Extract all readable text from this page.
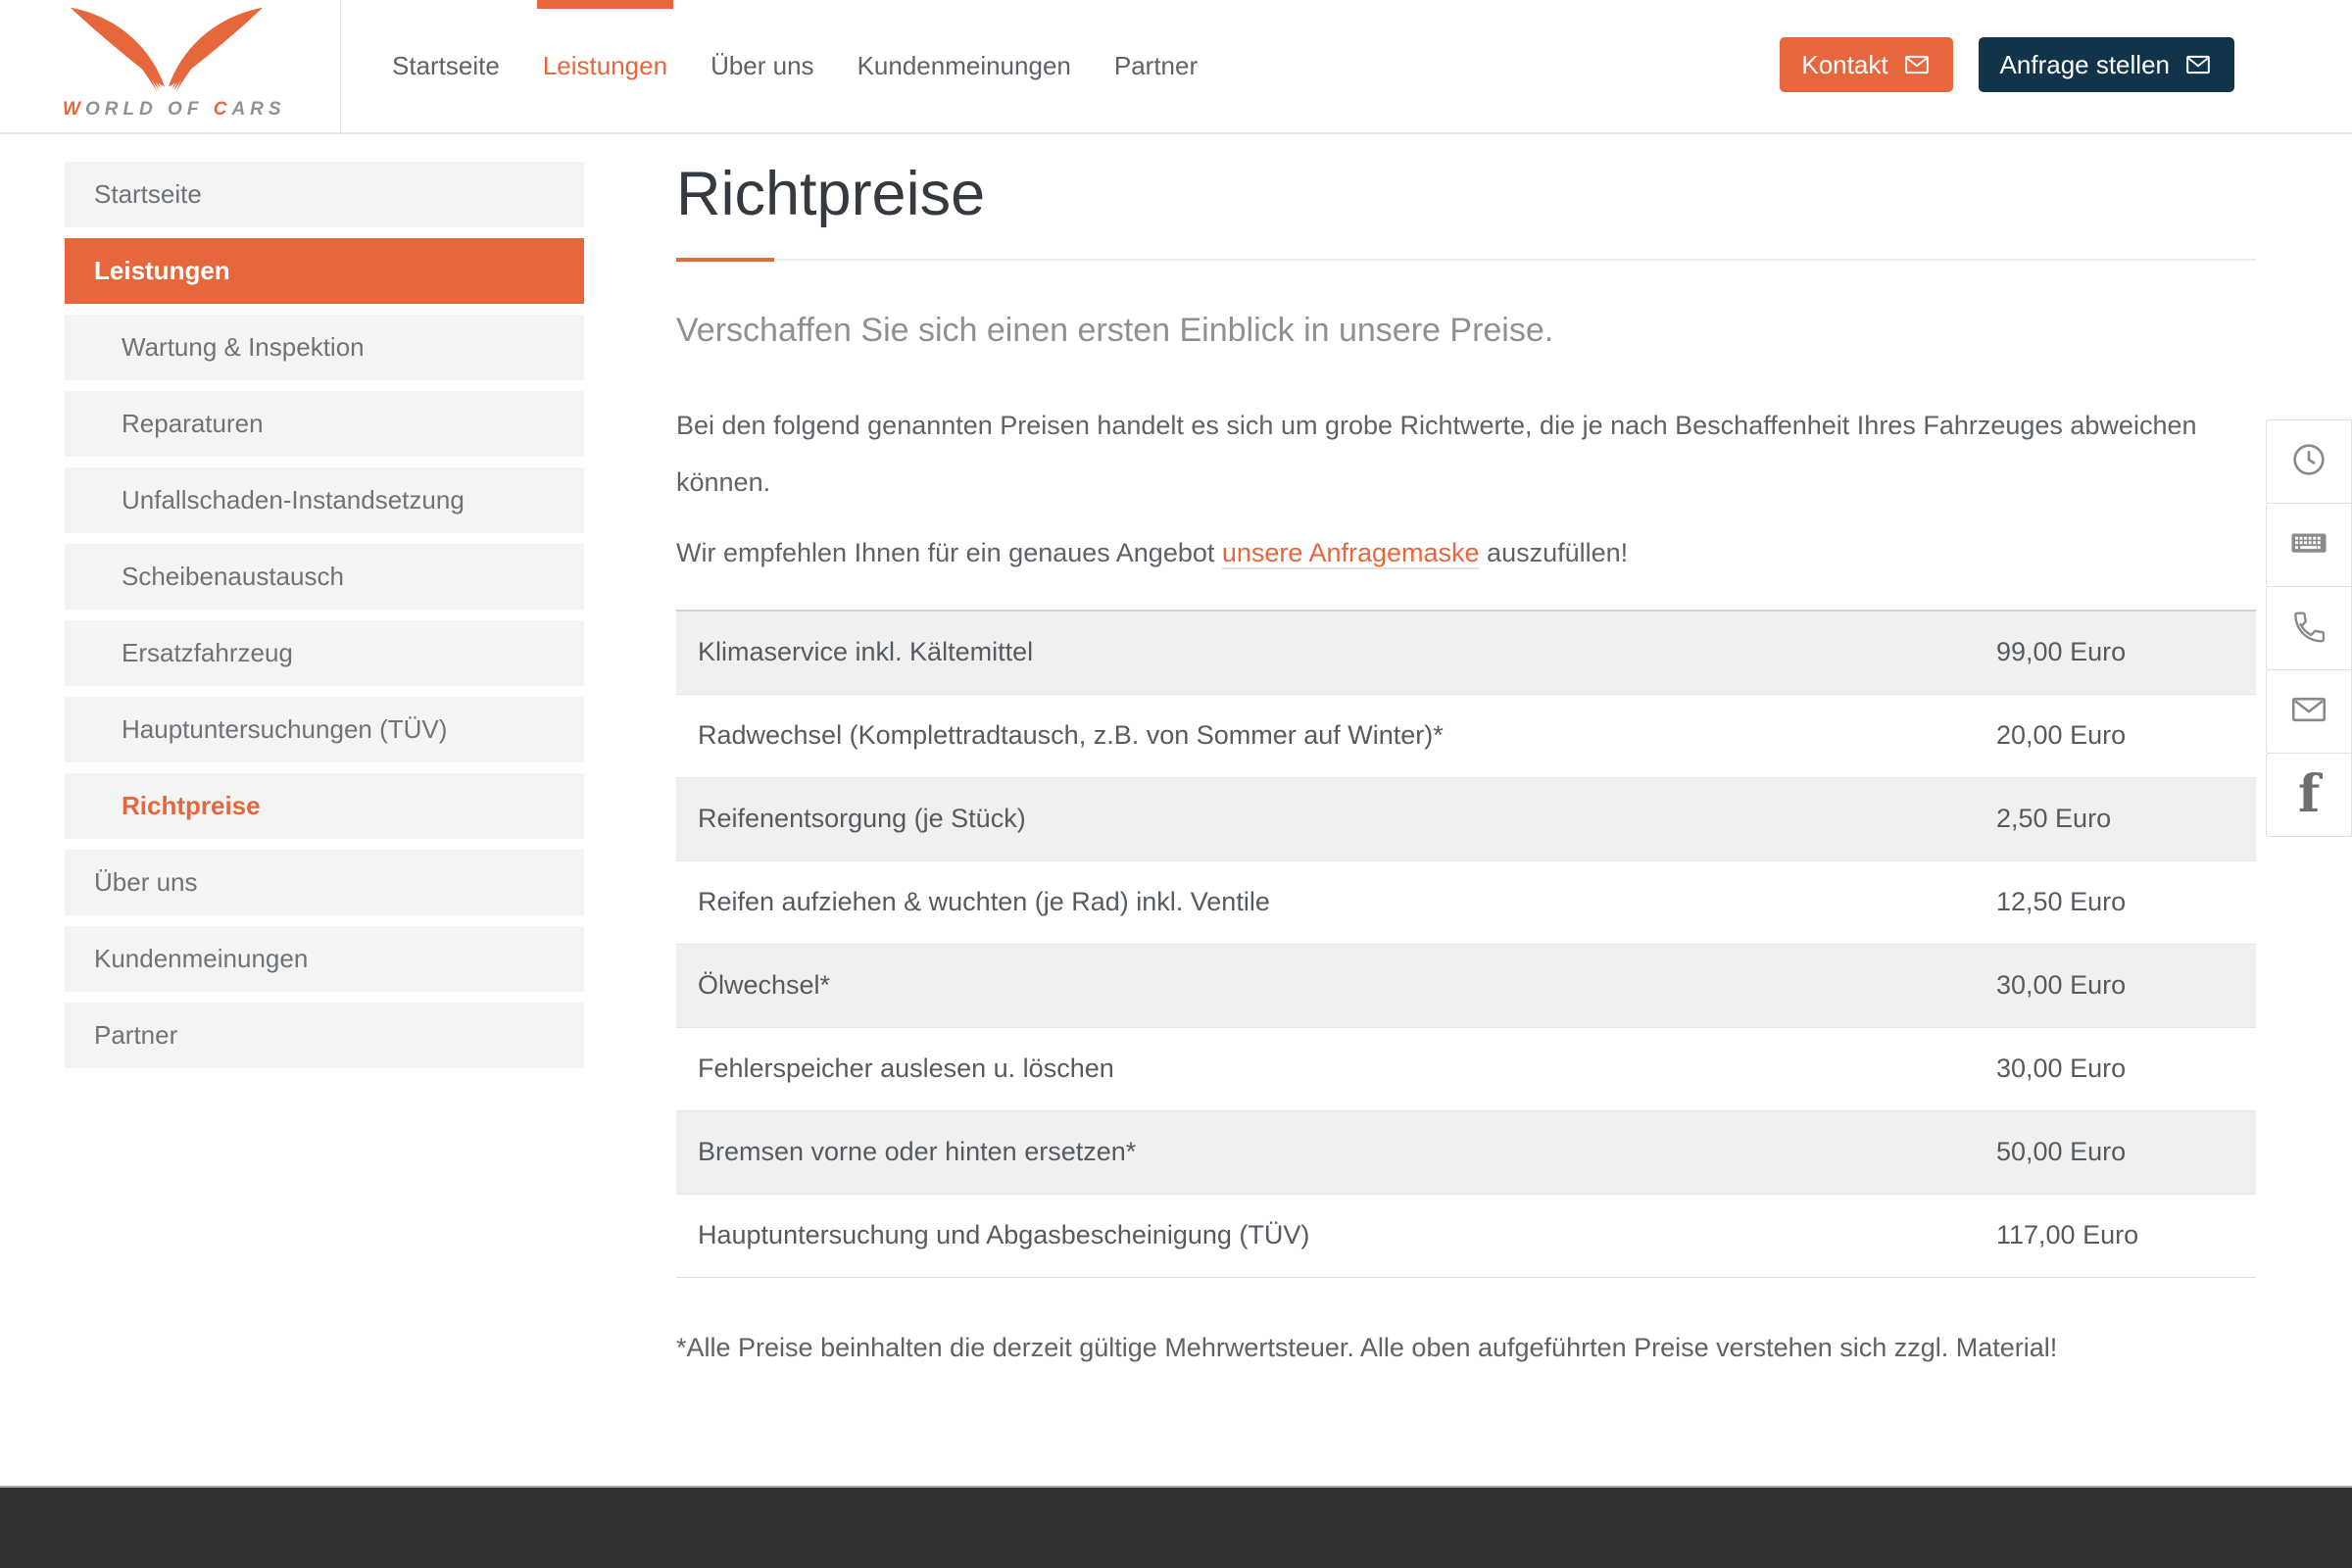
WORLD OF CARS
Startseite Leistungen Über uns Kundenmeinungen Partner	Kontakt	Anfrage stellen
Startseite
Leistungen
Wartung & Inspektion
Reparaturen
Unfallschaden-Instandsetzung
Scheibenaustausch
Ersatzfahrzeug
Hauptuntersuchungen (TÜV)
Richtpreise
Über uns
Kundenmeinungen
Partner
Richtpreise
Verschaffen Sie sich einen ersten Einblick in unsere Preise.

Bei den folgend genannten Preisen handelt es sich um grobe Richtwerte, die je nach Beschaffenheit Ihres Fahrzeuges abweichen können.

Wir empfehlen Ihnen für ein genaues Angebot unsere Anfragemaske auszufüllen!

Klimaservice inkl. Kältemittel	99,00 Euro
Radwechsel (Komplettradtausch, z.B. von Sommer auf Winter)*	20,00 Euro
Reifenentsorgung (je Stück)	2,50 Euro
Reifen aufziehen & wuchten (je Rad) inkl. Ventile	12,50 Euro
Ölwechsel*	30,00 Euro
Fehlerspeicher auslesen u. löschen	30,00 Euro
Bremsen vorne oder hinten ersetzen*	50,00 Euro
Hauptuntersuchung und Abgasbescheinigung (TÜV)	117,00 Euro
*Alle Preise beinhalten die derzeit gültige Mehrwertsteuer. Alle oben aufgeführten Preise verstehen sich zzgl. Material!
f
